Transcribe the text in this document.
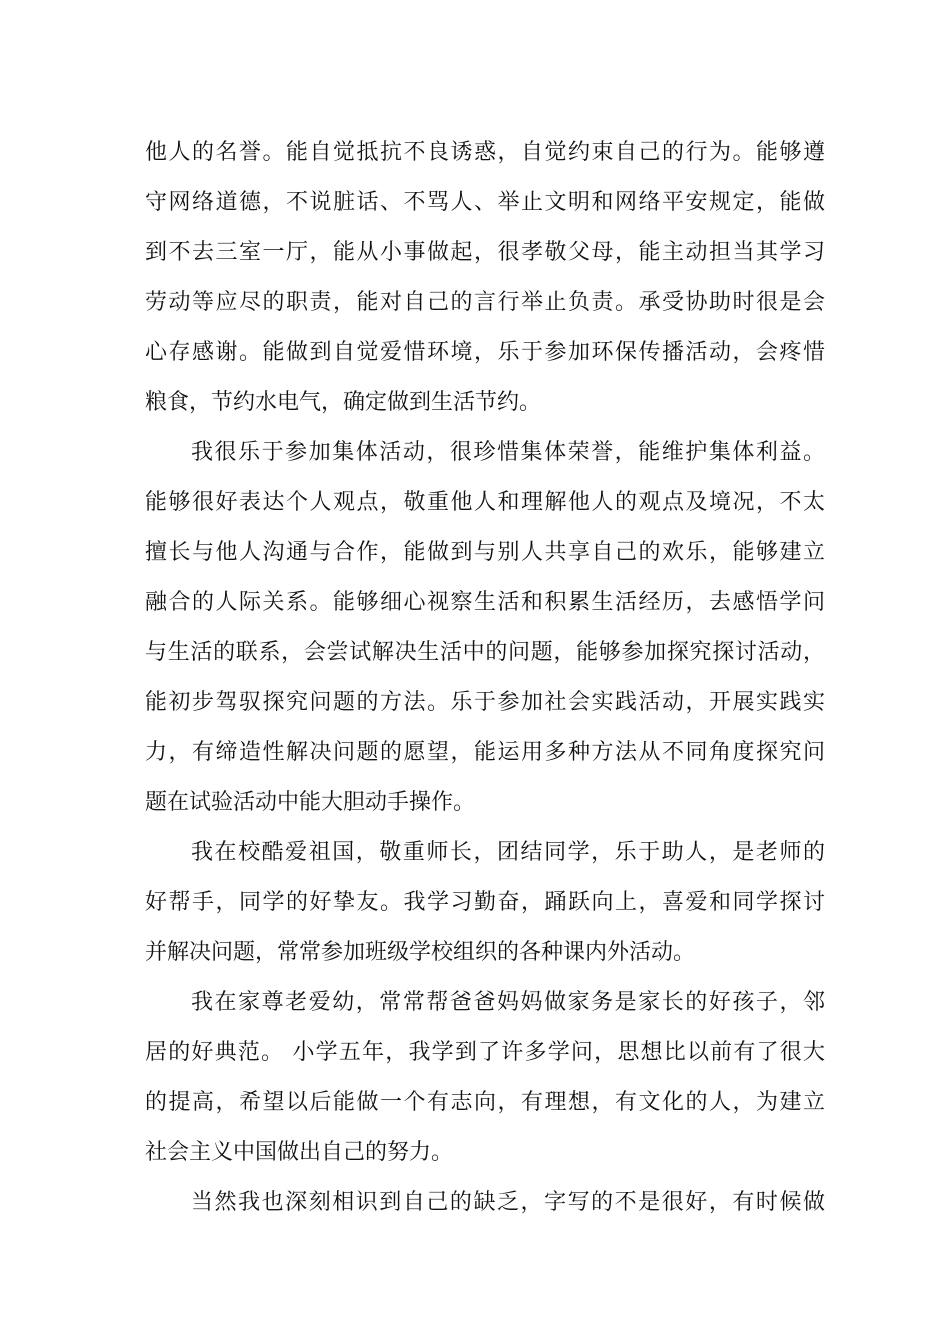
他人的名誉。能自觉抵抗不良诱惑，自觉约束自己的行为。能够遵
守网络道德，不说脏话、不骂人、举止文明和网络平安规定，能做
到不去三室一厅，能从小事做起，很孝敬父母，能主动担当其学习
劳动等应尽的职责，能对自己的言行举止负责。承受协助时很是会
心存感谢。能做到自觉爱惜环境，乐于参加环保传播活动，会疼惜
粮食，节约水电气，确定做到生活节约。
我很乐于参加集体活动，很珍惜集体荣誉，能维护集体利益。
能够很好表达个人观点，敬重他人和理解他人的观点及境况，不太
擅长与他人沟通与合作，能做到与别人共享自己的欢乐，能够建立
融合的人际关系。能够细心视察生活和积累生活经历，去感悟学问
与生活的联系，会尝试解决生活中的问题，能够参加探究探讨活动，
能初步驾驭探究问题的方法。乐于参加社会实践活动，开展实践实
力，有缔造性解决问题的愿望，能运用多种方法从不同角度探究问
题在试验活动中能大胆动手操作。
我在校酷爱祖国，敬重师长，团结同学，乐于助人，是老师的
好帮手，同学的好挚友。我学习勤奋，踊跃向上，喜爱和同学探讨
并解决问题，常常参加班级学校组织的各种课内外活动。
我在家尊老爱幼，常常帮爸爸妈妈做家务是家长的好孩子，邻
居的好典范。 小学五年，我学到了许多学问，思想比以前有了很大
的提高，希望以后能做一个有志向，有理想，有文化的人，为建立
社会主义中国做出自己的努力。
当然我也深刻相识到自己的缺乏，字写的不是很好，有时候做
